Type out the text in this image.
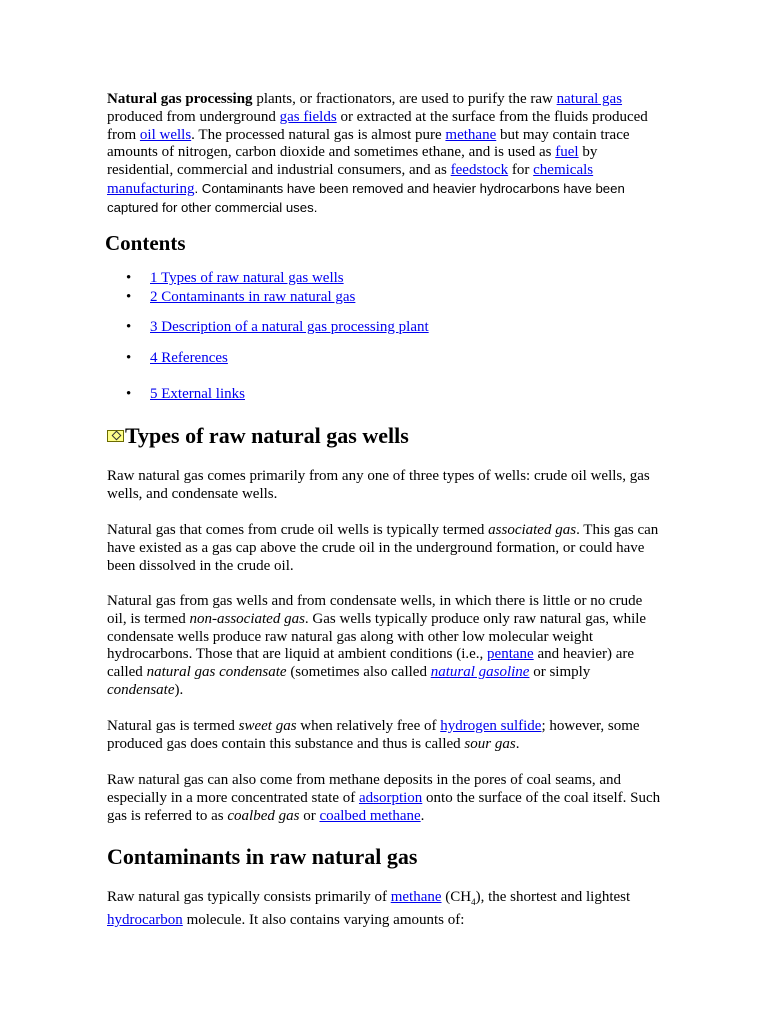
Natural gas processing plants, or fractionators, are used to purify the raw natural gas produced from underground gas fields or extracted at the surface from the fluids produced from oil wells. The processed natural gas is almost pure methane but may contain trace amounts of nitrogen, carbon dioxide and sometimes ethane, and is used as fuel by residential, commercial and industrial consumers, and as feedstock for chemicals manufacturing. Contaminants have been removed and heavier hydrocarbons have been captured for other commercial uses.

Contents
• 1 Types of raw natural gas wells
• 2 Contaminants in raw natural gas
• 3 Description of a natural gas processing plant
• 4 References
• 5 External links
Types of raw natural gas wells

Raw natural gas comes primarily from any one of three types of wells: crude oil wells, gas wells, and condensate wells.

Natural gas that comes from crude oil wells is typically termed associated gas. This gas can have existed as a gas cap above the crude oil in the underground formation, or could have been dissolved in the crude oil.

Natural gas from gas wells and from condensate wells, in which there is little or no crude oil, is termed non-associated gas. Gas wells typically produce only raw natural gas, while condensate wells produce raw natural gas along with other low molecular weight hydrocarbons. Those that are liquid at ambient conditions (i.e., pentane and heavier) are called natural gas condensate (sometimes also called natural gasoline or simply condensate).

Natural gas is termed sweet gas when relatively free of hydrogen sulfide; however, some produced gas does contain this substance and thus is called sour gas.

Raw natural gas can also come from methane deposits in the pores of coal seams, and especially in a more concentrated state of adsorption onto the surface of the coal itself. Such gas is referred to as coalbed gas or coalbed methane.

Contaminants in raw natural gas

Raw natural gas typically consists primarily of methane $(CH_4)$, the shortest and lightest hydrocarbon molecule. It also contains varying amounts of:
